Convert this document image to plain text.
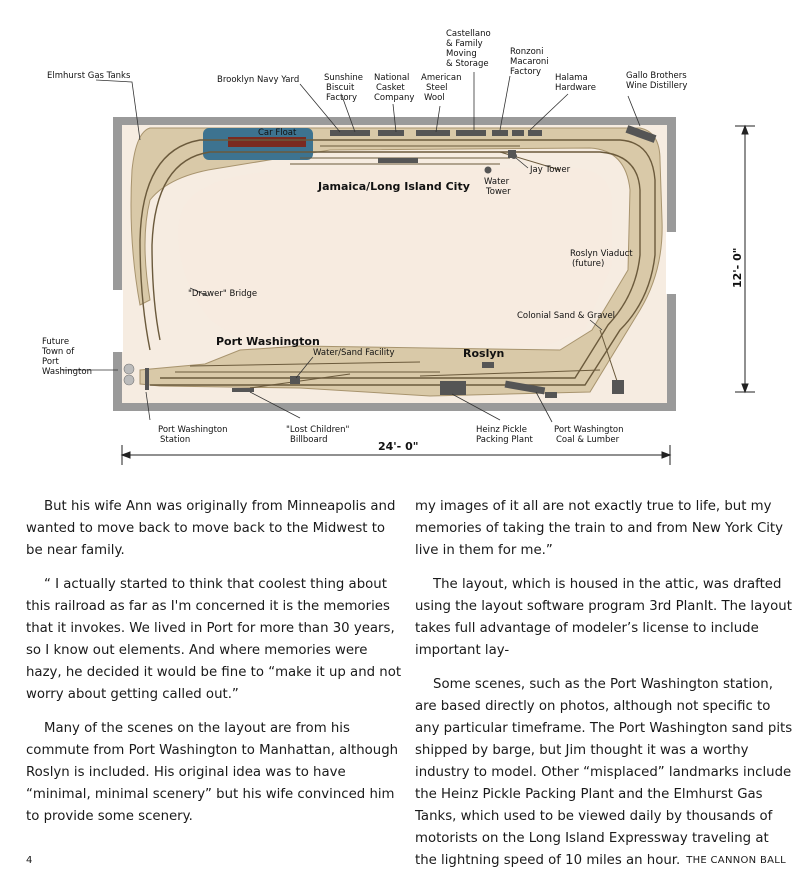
Car Float
Elmhurst Gas Tanks	Brooklyn Navy Yard	Sunshine Biscuit Factory
National Casket Company
American Steel Wool
Castellano & Family Moving & Storage
Ronzoni Macaroni Factory
Halama Hardware
Gallo Brothers Wine Distillery
Jamaica/Long Island City Water Tower
Jay Tower
Roslyn Viaduct (future)
"Drawer" Bridge
Colonial Sand & Gravel
Port Washington
Water/Sand Facility	Roslyn
Future Town of Port Washington
Port Washington Station
"Lost Children" Billboard
Heinz Pickle Packing Plant
Port Washington Coal & Lumber
24'- 0"
12'- 0"

But his wife Ann was originally from Minneapolis and wanted to move back to move back to the Midwest to be near family.

“ I actually started to think that coolest thing about this railroad as far as I'm concerned it is the memories that it invokes. We lived in Port for more than 30 years, so I know out elements. And where memories were hazy, he decided it would be fine to “make it up and not worry about getting called out.”

Many of the scenes on the layout are from his commute from Port Washington to Manhattan, although Roslyn is included. His original idea was to have “minimal, minimal scenery” but his wife convinced him to provide some scenery.

my images of it all are not exactly true to life, but my memories of taking the train to and from New York City live in them for me.”

The layout, which is housed in the attic, was drafted using the layout software program 3rd PlanIt. The layout takes full advantage of modeler’s license to include important lay-

Some scenes, such as the Port Washington station, are based directly on photos, although not specific to any particular timeframe. The Port Washington sand pits shipped by barge, but Jim thought it was a worthy industry to model. Other “misplaced” landmarks include the Heinz Pickle Packing Plant and the Elmhurst Gas Tanks, which used to be viewed daily by thousands of motorists on the Long Island Expressway traveling at the lightning speed of 10 miles an hour.

4	THE CANNON BALL
